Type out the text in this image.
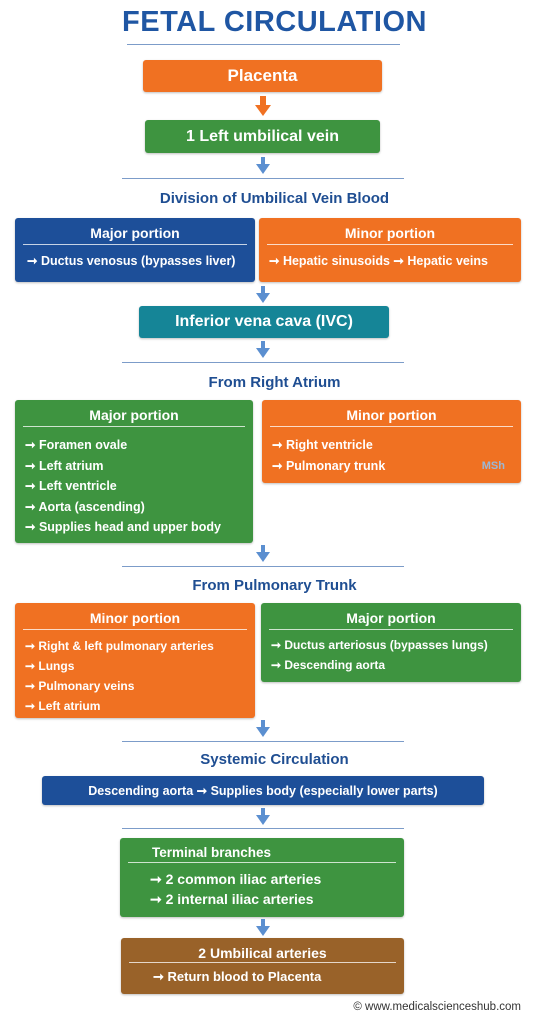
FETAL CIRCULATION
Placenta
1 Left umbilical vein
Division of Umbilical Vein Blood
Major portion
➞ Ductus venosus (bypasses liver)
Minor portion
➞ Hepatic sinusoids ➞ Hepatic veins
Inferior vena cava (IVC)
From Right Atrium
Major portion
➞ Foramen ovale
➞ Left atrium
➞ Left ventricle
➞ Aorta (ascending)
➞ Supplies head and upper body
Minor portion
➞ Right ventricle
➞ Pulmonary trunk	MSh
From Pulmonary Trunk
Minor portion
➞ Right & left pulmonary arteries
➞ Lungs
➞ Pulmonary veins
➞ Left atrium
Major portion
➞ Ductus arteriosus (bypasses lungs)
➞ Descending aorta
Systemic Circulation
Descending aorta ➞ Supplies body (especially lower parts)
Terminal branches
➞ 2 common iliac arteries
➞ 2 internal iliac arteries
2 Umbilical arteries
➞ Return blood to Placenta
© www.medicalscienceshub.com
